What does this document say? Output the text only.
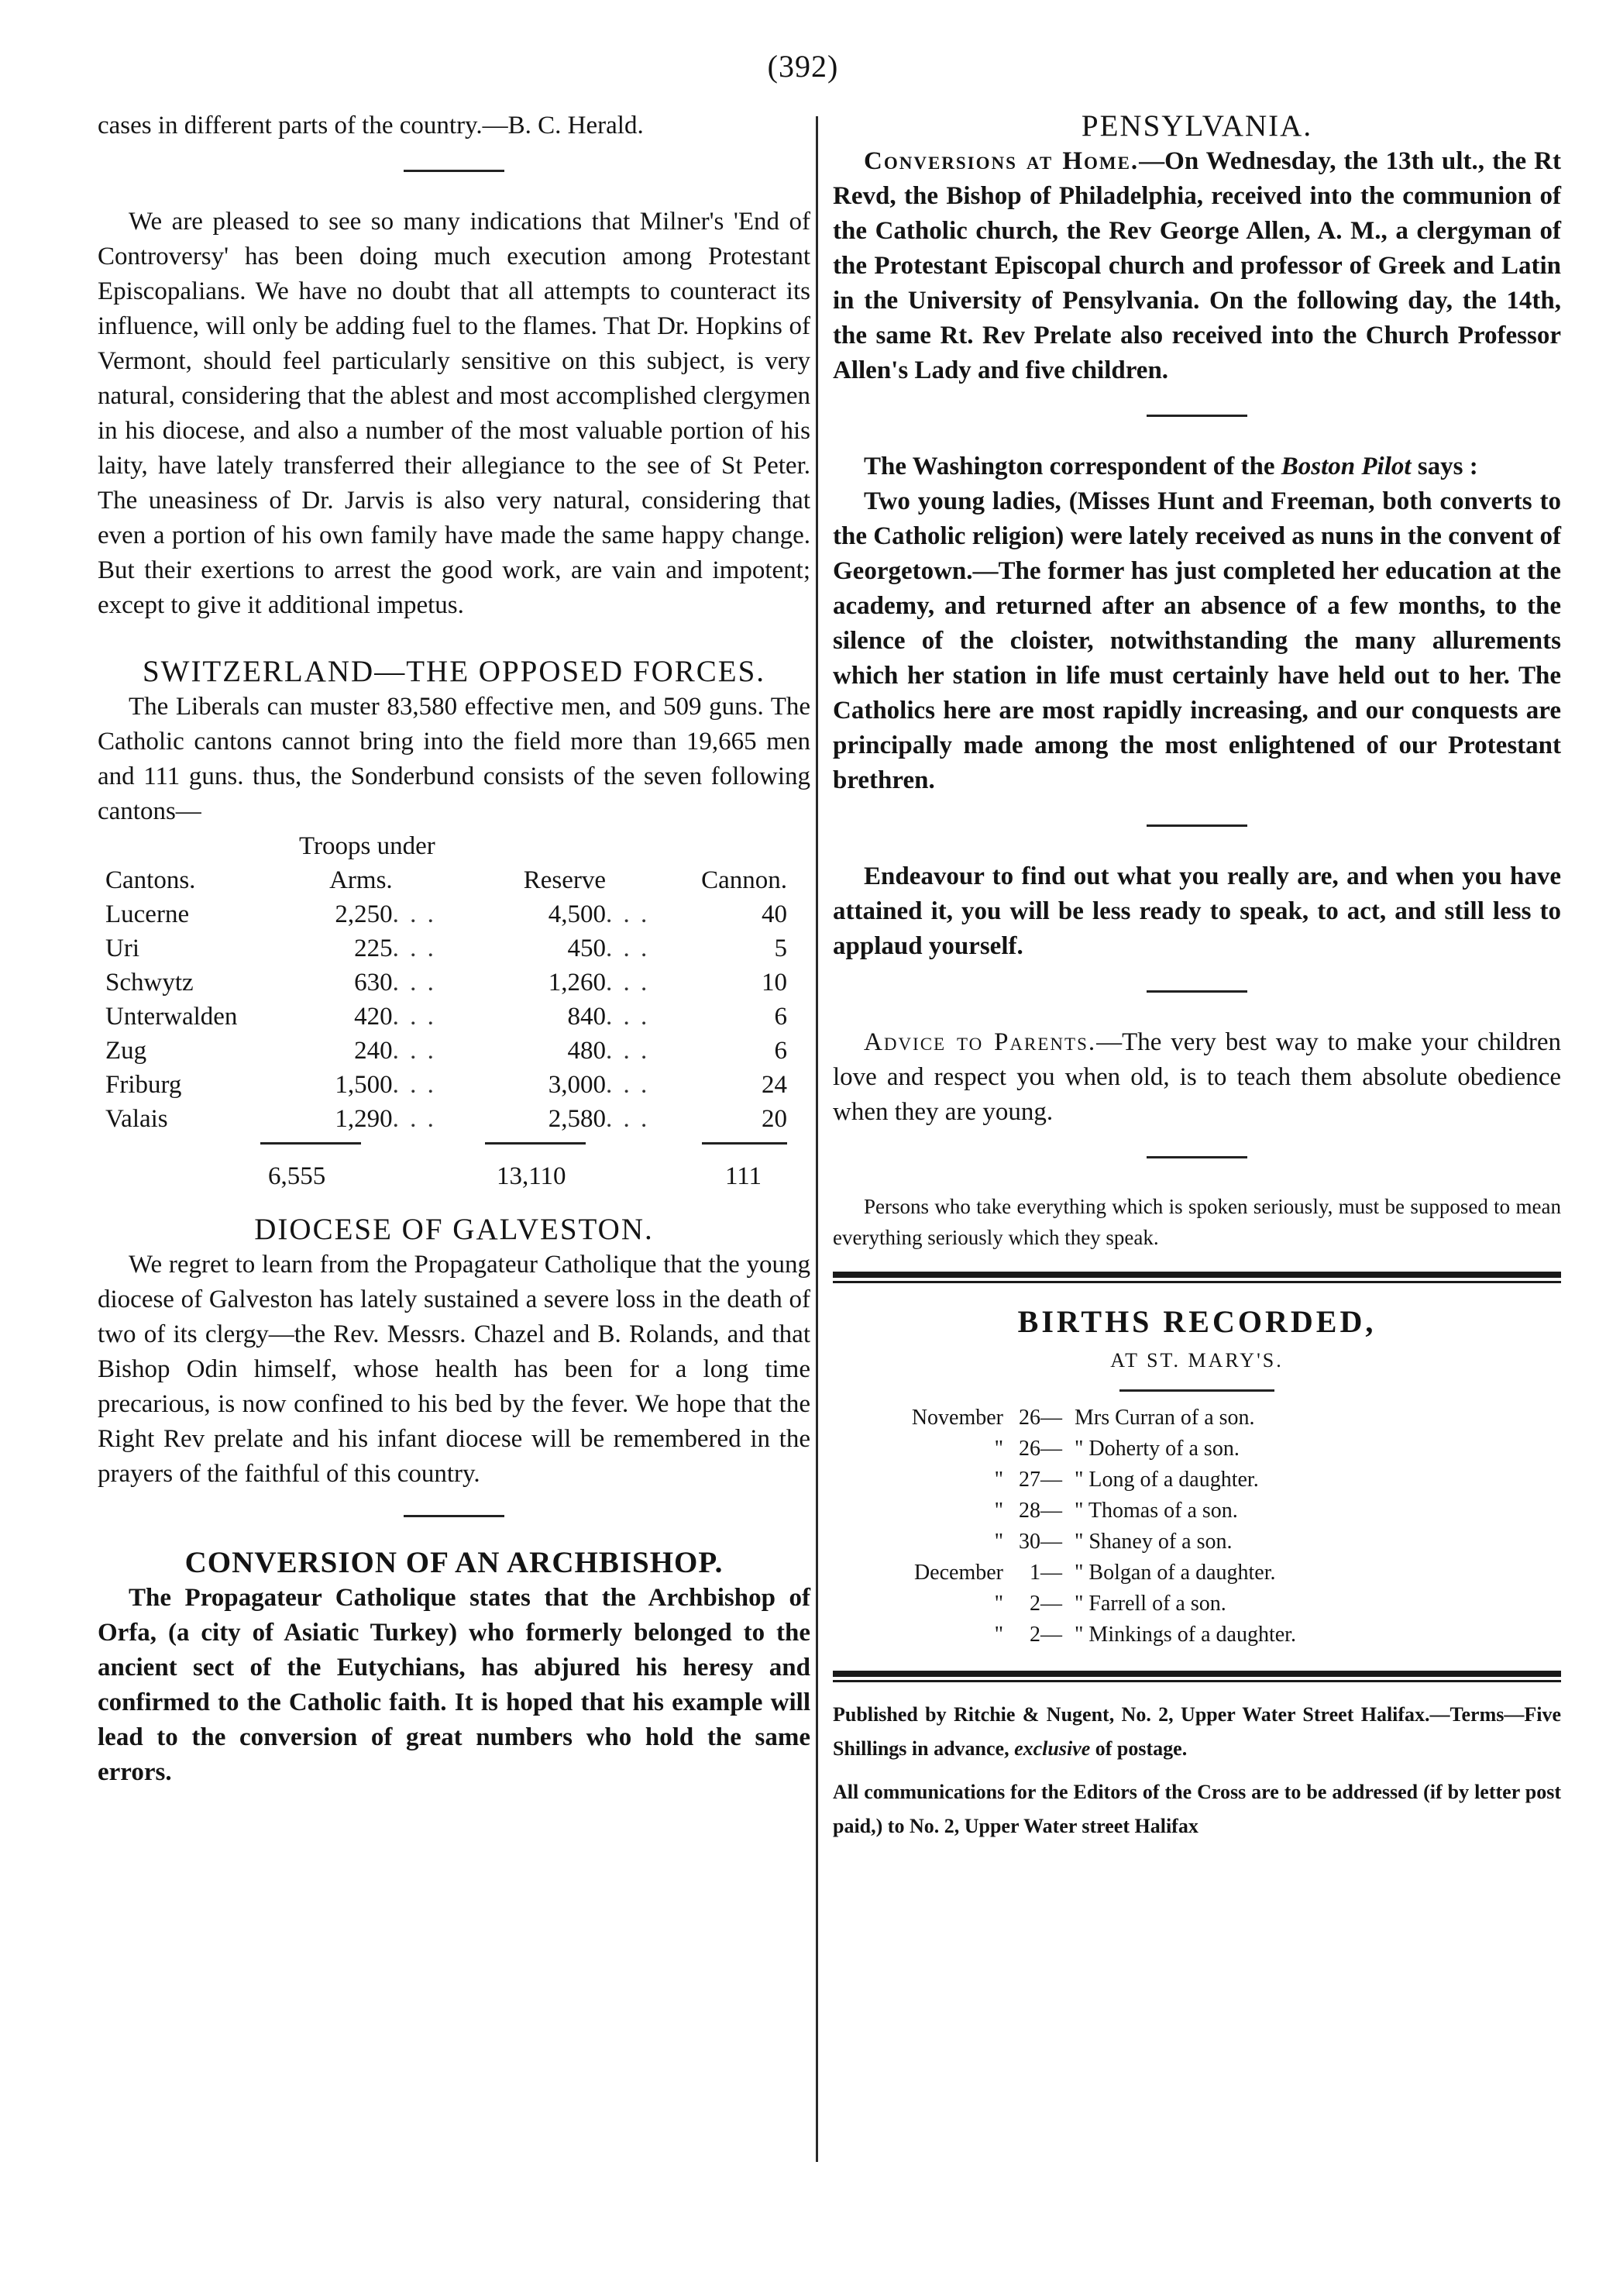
(392)

cases in different parts of the country.—B. C. Herald.

We are pleased to see so many indications that Milner's 'End of Controversy' has been doing much execution among Protestant Episcopalians. We have no doubt that all attempts to counteract its influence, will only be adding fuel to the flames. That Dr. Hopkins of Vermont, should feel particularly sensitive on this subject, is very natural, considering that the ablest and most accomplished clergymen in his diocese, and also a number of the most valuable portion of his laity, have lately transferred their allegiance to the see of St Peter. The uneasiness of Dr. Jarvis is also very natural, considering that even a portion of his own family have made the same happy change. But their exertions to arrest the good work, are vain and impotent; except to give it additional impetus.

SWITZERLAND—THE OPPOSED FORCES.

The Liberals can muster 83,580 effective men, and 509 guns. The Catholic cantons cannot bring into the field more than 19,665 men and 111 guns. thus, the Sonderbund consists of the seven following cantons—

Troops under
Cantons.	Arms.		Reserve		Cannon.
Lucerne	2,250	. . .	4,500	. . .	40
Uri	225	. . .	450	. . .	5
Schwytz	630	. . .	1,260	. . .	10
Unterwalden	420	. . .	840	. . .	6
Zug	240	. . .	480	. . .	6
Friburg	1,500	. . .	3,000	. . .	24
Valais	1,290	. . .	2,580	. . .	20
6,555	13,110	111
DIOCESE OF GALVESTON.

We regret to learn from the Propagateur Catholique that the young diocese of Galveston has lately sustained a severe loss in the death of two of its clergy—the Rev. Messrs. Chazel and B. Rolands, and that Bishop Odin himself, whose health has been for a long time precarious, is now confined to his bed by the fever. We hope that the Right Rev prelate and his infant diocese will be remembered in the prayers of the faithful of this country.

CONVERSION OF AN ARCHBISHOP.

The Propagateur Catholique states that the Archbishop of Orfa, (a city of Asiatic Turkey) who formerly belonged to the ancient sect of the Eutychians, has abjured his heresy and confirmed to the Catholic faith. It is hoped that his example will lead to the conversion of great numbers who hold the same errors.

PENSYLVANIA.

Conversions at Home.—On Wednesday, the 13th ult., the Rt Revd, the Bishop of Philadelphia, received into the communion of the Catholic church, the Rev George Allen, A. M., a clergyman of the Protestant Episcopal church and professor of Greek and Latin in the University of Pensylvania. On the following day, the 14th, the same Rt. Rev Prelate also received into the Church Professor Allen's Lady and five children.

The Washington correspondent of the Boston Pilot says :

Two young ladies, (Misses Hunt and Freeman, both converts to the Catholic religion) were lately received as nuns in the convent of Georgetown.—The former has just completed her education at the academy, and returned after an absence of a few months, to the silence of the cloister, notwithstanding the many allurements which her station in life must certainly have held out to her. The Catholics here are most rapidly increasing, and our conquests are principally made among the most enlightened of our Protestant brethren.

Endeavour to find out what you really are, and when you have attained it, you will be less ready to speak, to act, and still less to applaud yourself.

Advice to Parents.—The very best way to make your children love and respect you when old, is to teach them absolute obedience when they are young.

Persons who take everything which is spoken seriously, must be supposed to mean everything seriously which they speak.

BIRTHS RECORDED,
AT ST. MARY'S.
November 26— Mrs Curran of a son.
" 26— " Doherty of a son.
" 27— " Long of a daughter.
" 28— " Thomas of a son.
" 30— " Shaney of a son.
December	1— " Bolgan of a daughter.
"	2— " Farrell of a son.
"	2— " Minkings of a daughter.

Published by Ritchie & Nugent, No. 2, Upper Water Street Halifax.—Terms—Five Shillings in advance, exclusive of postage.

All communications for the Editors of the Cross are to be addressed (if by letter post paid,) to No. 2, Upper Water street Halifax
